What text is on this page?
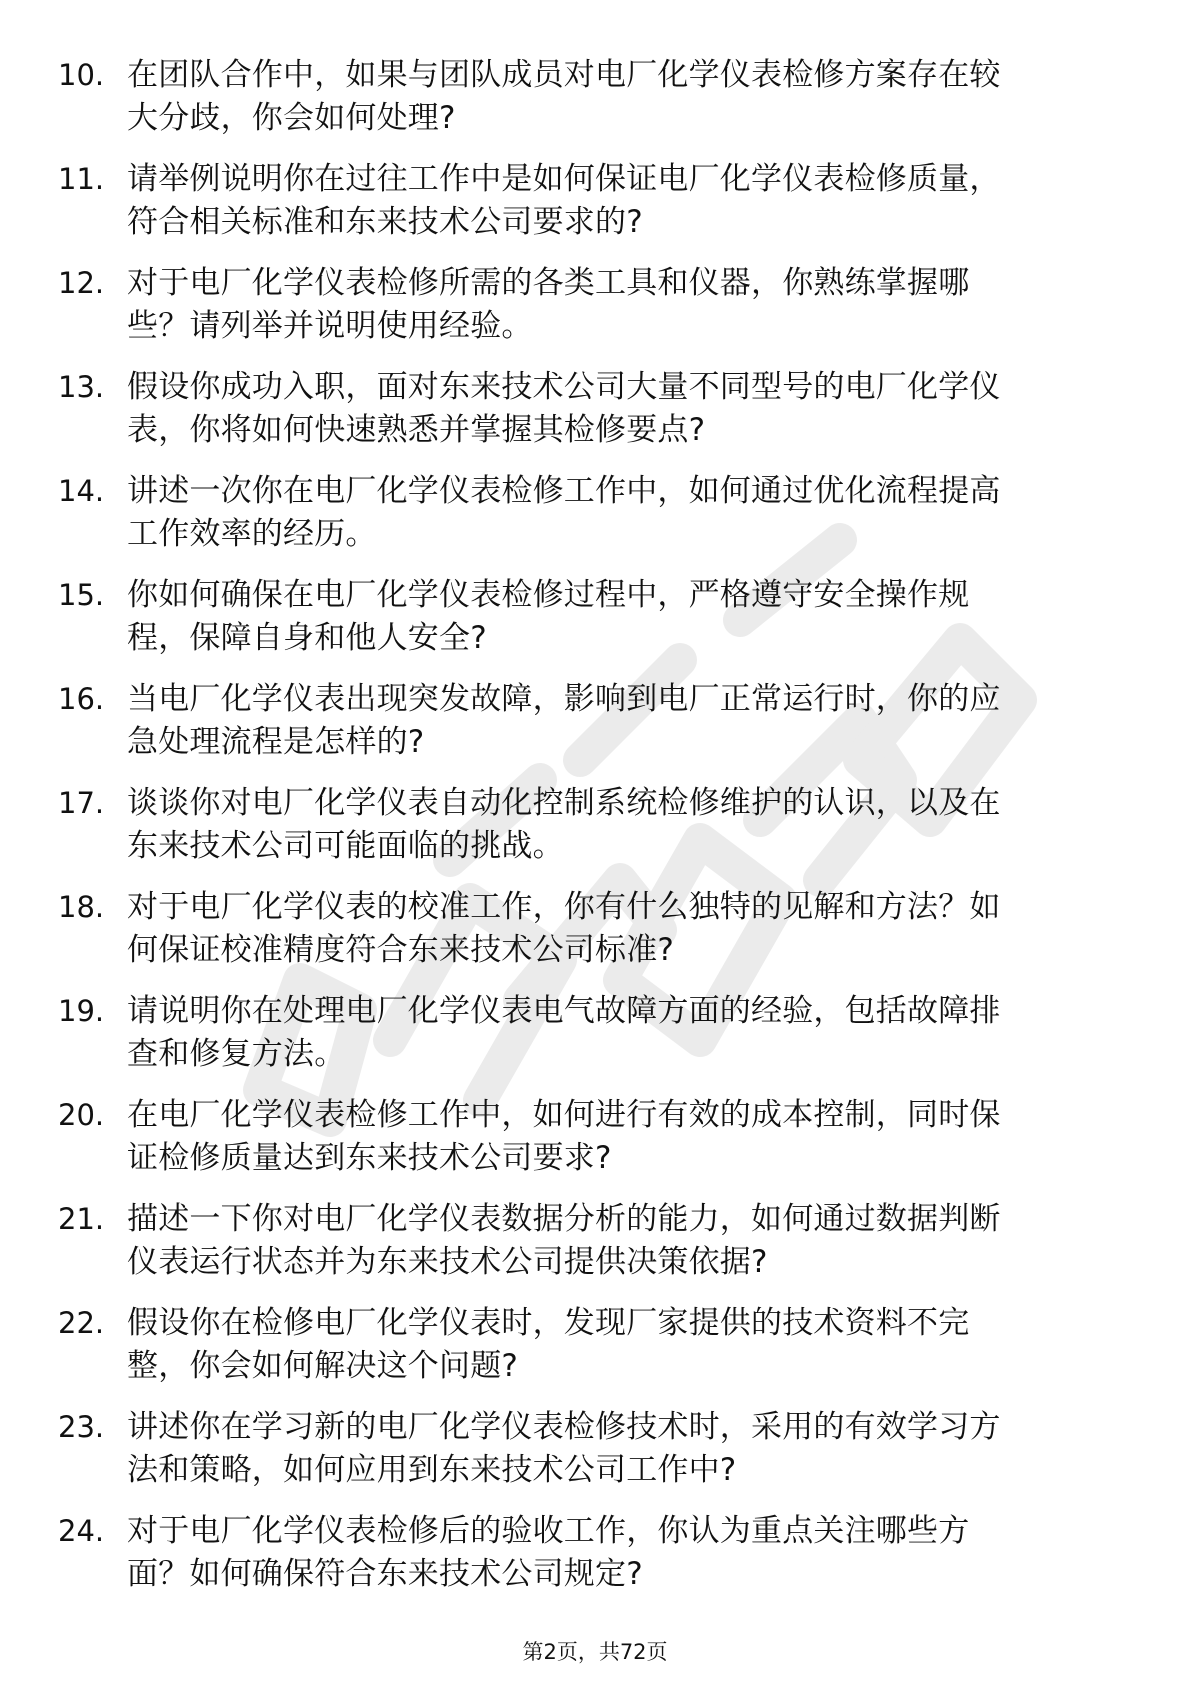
10. 在团队合作中，如果与团队成员对电厂化学仪表检修方案存在较
大分歧，你会如何处理?
11. 请举例说明你在过往工作中是如何保证电厂化学仪表检修质量，
符合相关标准和东来技术公司要求的?
12. 对于电厂化学仪表检修所需的各类工具和仪器，你熟练掌握哪
些？请列举并说明使用经验。
13. 假设你成功入职，面对东来技术公司大量不同型号的电厂化学仪
表，你将如何快速熟悉并掌握其检修要点?
14. 讲述一次你在电厂化学仪表检修工作中，如何通过优化流程提高
工作效率的经历。
15. 你如何确保在电厂化学仪表检修过程中，严格遵守安全操作规
程，保障自身和他人安全?
16. 当电厂化学仪表出现突发故障，影响到电厂正常运行时，你的应
急处理流程是怎样的?
17. 谈谈你对电厂化学仪表自动化控制系统检修维护的认识，以及在
东来技术公司可能面临的挑战。
18. 对于电厂化学仪表的校准工作，你有什么独特的见解和方法？如
何保证校准精度符合东来技术公司标准?
19. 请说明你在处理电厂化学仪表电气故障方面的经验，包括故障排
查和修复方法。
20. 在电厂化学仪表检修工作中，如何进行有效的成本控制，同时保
证检修质量达到东来技术公司要求?
21. 描述一下你对电厂化学仪表数据分析的能力，如何通过数据判断
仪表运行状态并为东来技术公司提供决策依据?
22. 假设你在检修电厂化学仪表时，发现厂家提供的技术资料不完
整，你会如何解决这个问题?
23. 讲述你在学习新的电厂化学仪表检修技术时，采用的有效学习方
法和策略，如何应用到东来技术公司工作中?
24. 对于电厂化学仪表检修后的验收工作，你认为重点关注哪些方
面？如何确保符合东来技术公司规定?
第2页，共72页
